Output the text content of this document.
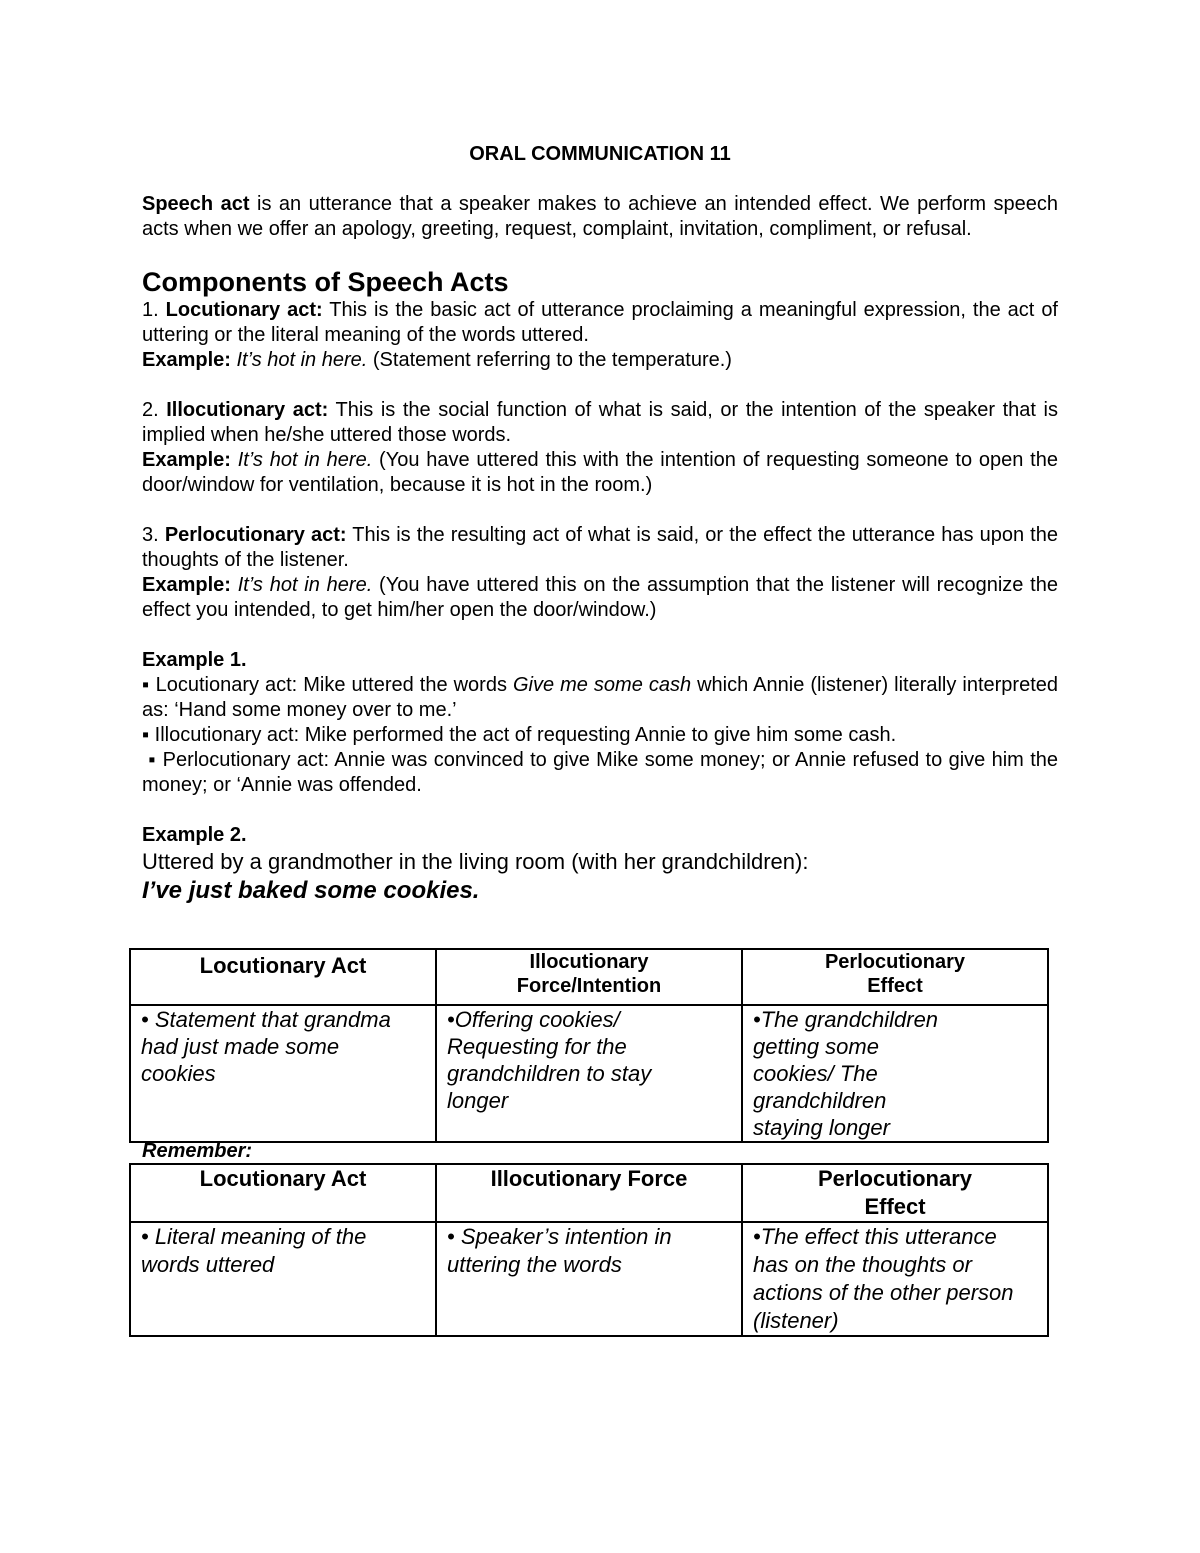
ORAL COMMUNICATION 11

Speech act is an utterance that a speaker makes to achieve an intended effect. We perform speech acts when we offer an apology, greeting, request, complaint, invitation, compliment, or refusal.

Components of Speech Acts

1. Locutionary act: This is the basic act of utterance proclaiming a meaningful expression, the act of uttering or the literal meaning of the words uttered.

Example: It’s hot in here. (Statement referring to the temperature.)

2. Illocutionary act: This is the social function of what is said, or the intention of the speaker that is implied when he/she uttered those words.

Example: It’s hot in here. (You have uttered this with the intention of requesting someone to open the door/window for ventilation, because it is hot in the room.)

3. Perlocutionary act: This is the resulting act of what is said, or the effect the utterance has upon the thoughts of the listener.

Example: It’s hot in here. (You have uttered this on the assumption that the listener will recognize the effect you intended, to get him/her open the door/window.)

Example 1.

▪ Locutionary act: Mike uttered the words Give me some cash which Annie (listener) literally interpreted as: ‘Hand some money over to me.’

▪ Illocutionary act: Mike performed the act of requesting Annie to give him some cash.

▪ Perlocutionary act: Annie was convinced to give Mike some money; or Annie refused to give him the money; or ‘Annie was offended.

Example 2.

Uttered by a grandmother in the living room (with her grandchildren):

I’ve just baked some cookies.

Locutionary Act	Illocutionary Force/Intention	Perlocutionary Effect
• Statement that grandma had just made some cookies	•Offering cookies/ Requesting for the grandchildren to stay longer	•The grandchildren getting some cookies/ The grandchildren staying longer

Remember:

Locutionary Act	Illocutionary Force	Perlocutionary Effect
• Literal meaning of the words uttered	• Speaker’s intention in uttering the words	•The effect this utterance has on the thoughts or actions of the other person (listener)
